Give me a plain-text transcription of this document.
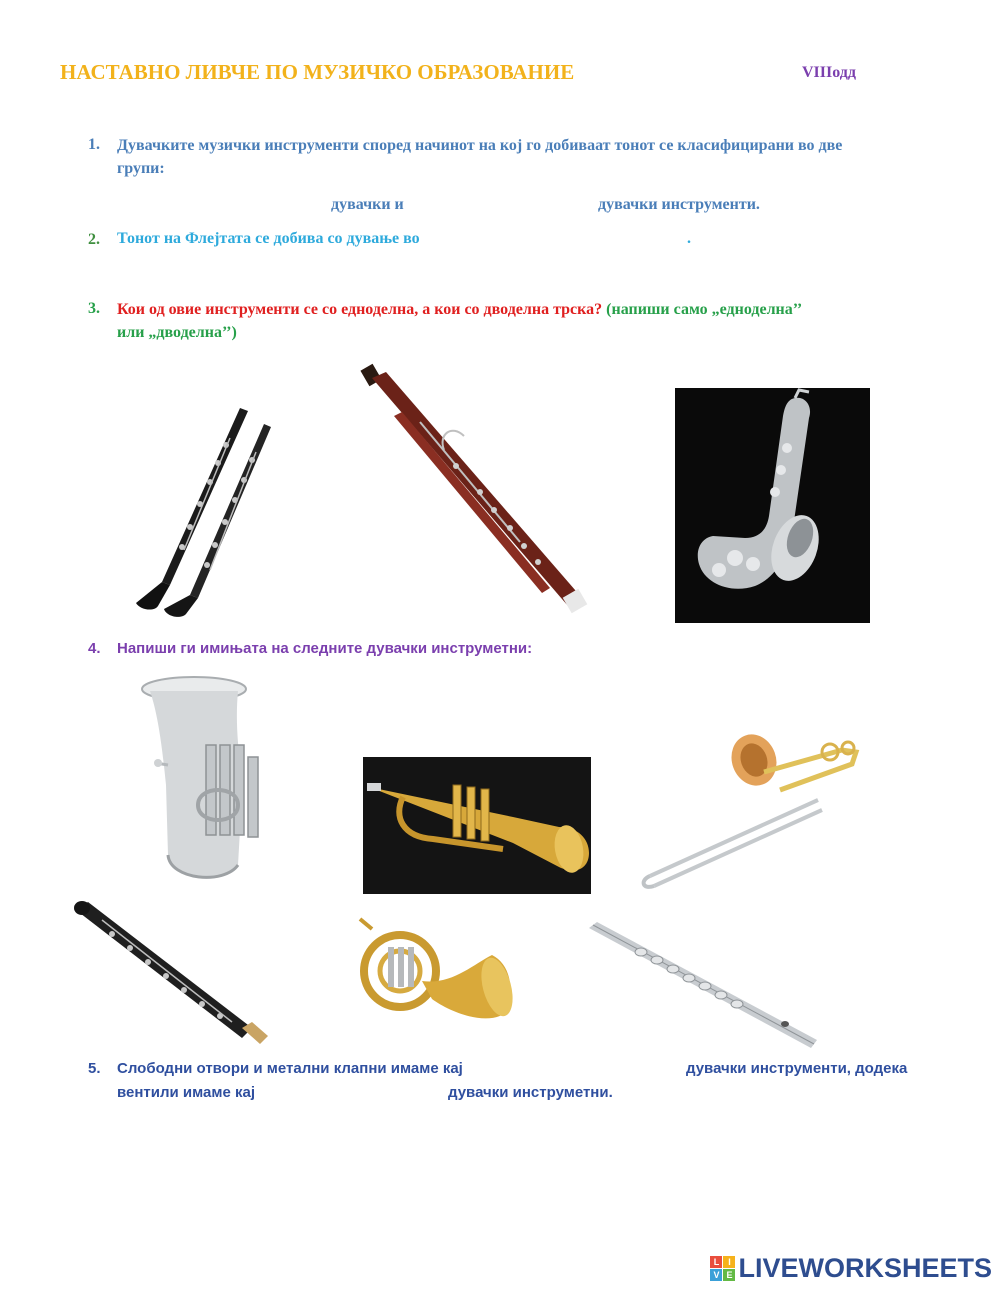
НАСТАВНО ЛИВЧЕ ПО МУЗИЧКО ОБРАЗОВАНИЕ	VIIIодд
1. Дувачките музички инструменти според начинот на кој го добиваат тонот се класифицирани во две
групи:
дувачки и	дувачки инструменти.
2. Тонот на Флејтата се добива со дување во	.
3. Кои од овие инструменти се со едноделна, а кои со дводелна трска? (напиши само „едноделна’’
или „дводелна’’)
4. Напиши ги имињата на следните дувачки инструметни:
5. Слободни отвори и метални клапни имаме кај	дувачки инструменти, додека
вентили имаме кај	дувачки инструметни.
L I
V E LIVEWORKSHEETS
